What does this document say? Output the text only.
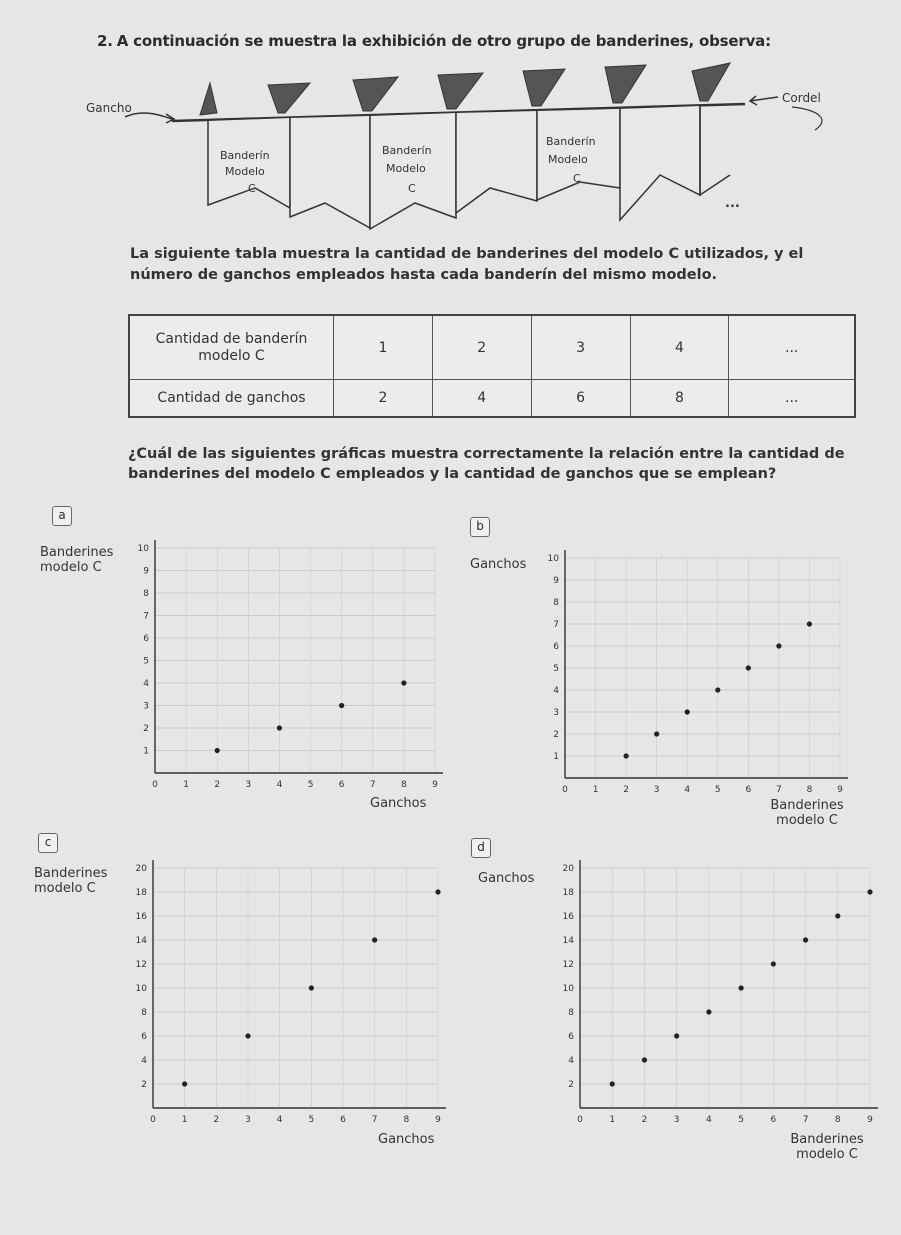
2. A continuación se muestra la exhibición de otro grupo de banderines, observa:
Gancho
Cordel
Banderín
Modelo
C
Banderín
Modelo
C
Banderín
Modelo
C
...
La siguiente tabla muestra la cantidad de banderines del modelo C utilizados, y el número de ganchos empleados hasta cada banderín del mismo modelo.
Cantidad de banderín modelo C	1	2	3	4	...
Cantidad de ganchos	2	4	6	8	...
¿Cuál de las siguientes gráficas muestra correctamente la relación entre la cantidad de banderines del modelo C empleados y la cantidad de ganchos que se emplean?
a
Banderines modelo C
Ganchos
0	1	2	3	4	5	6	7	8	9
1
2
3
4
5
6
7
8
9
10
b
Ganchos
Banderines modelo C
0	1	2	3	4	5	6	7	8	9
1
2
3
4
5
6
7
8
9
10
c
Banderines modelo C
Ganchos
0	1	2	3	4	5	6	7	8	9
2
4
6
8
10
12
14
16
18
20
d
Ganchos
Banderines modelo C
0	1	2	3	4	5	6	7	8	9
2
4
6
8
10
12
14
16
18
20
